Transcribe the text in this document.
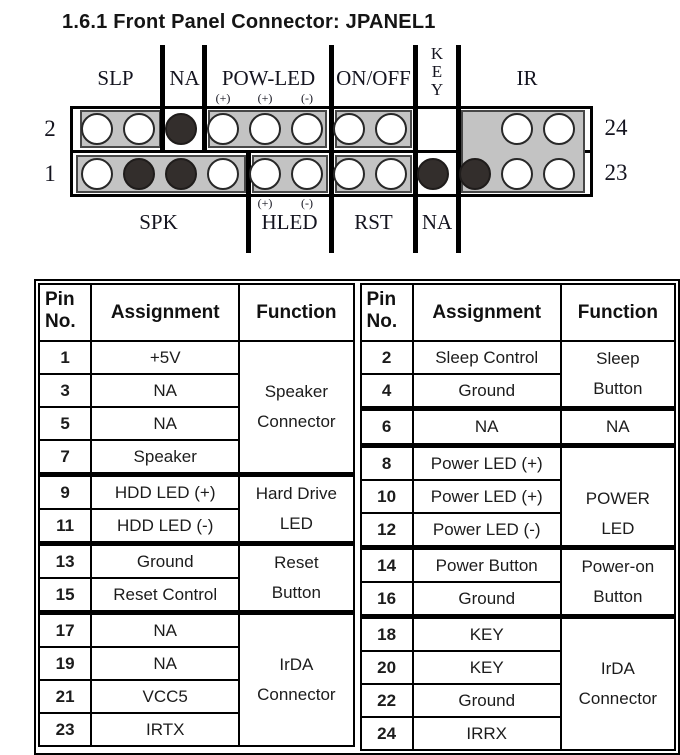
1.6.1 Front Panel Connector: JPANEL1
SLP	NA	POW-LED ON/OFF	IR
K
E
Y
(+)	(+)	(-)
SPK	HLED	RST	NA
(+)	(-)
2
1
24
23
Pin
No.	Assignment	Function
1	+5V	Speaker
Connector

3	NA	
5	NA	
7	Speaker	
9	HDD LED (+)	Hard Drive
LED

11	HDD LED (-)	
13	Ground	Reset
Button

15	Reset Control	
17	NA	IrDA
Connector

19	NA	
21	VCC5	
23	IRTX	
Pin
No.	Assignment	Function
2	Sleep Control	Sleep
Button

4	Ground	
6	NA	NA

8	Power LED (+)	POWER
LED

10	Power LED (+)	
12	Power LED (-)	
14	Power Button	Power-on
Button

16	Ground	
18	KEY	IrDA
Connector

20	KEY	
22	Ground	
24	IRRX	
